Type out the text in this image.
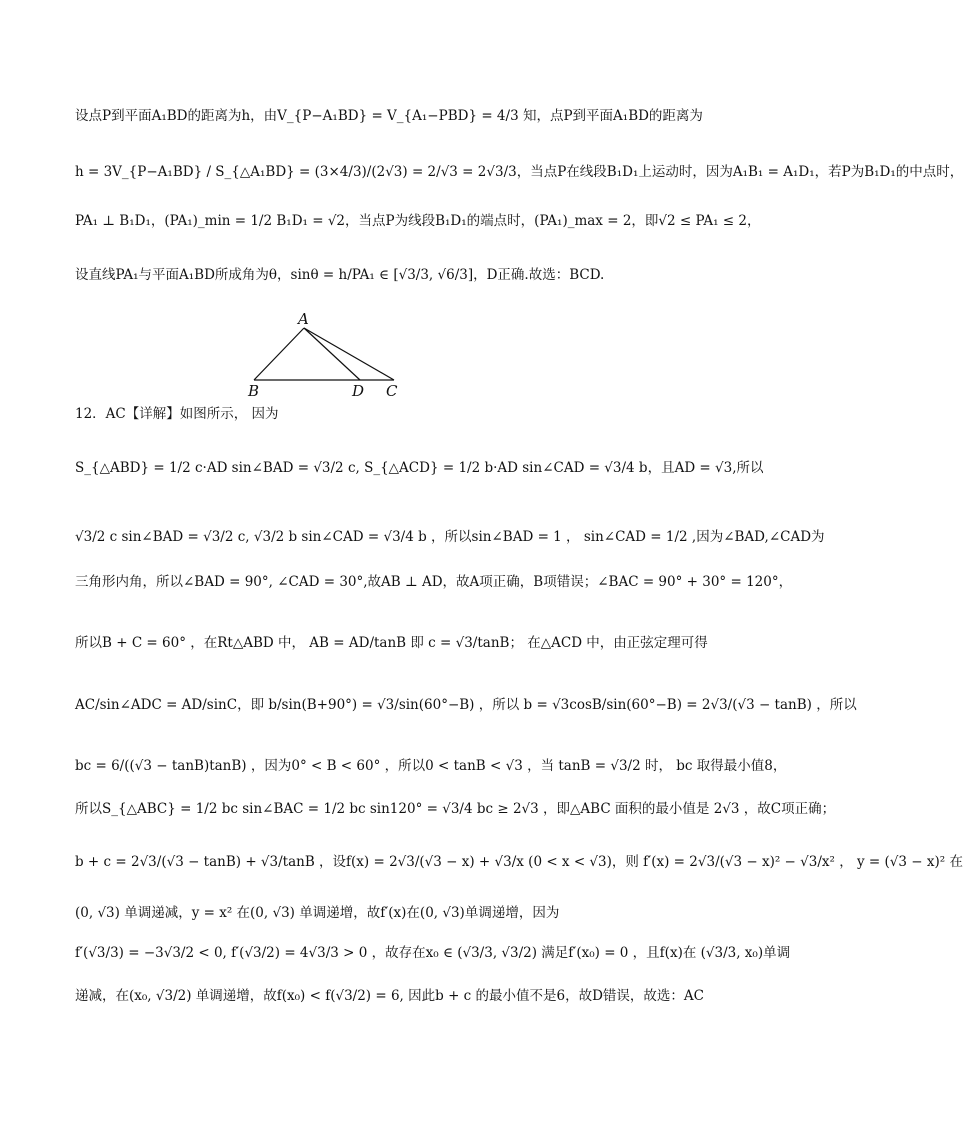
设点P到平面A₁BD的距离为h，由V_{P−A₁BD} = V_{A₁−PBD} = 4/3 知，点P到平面A₁BD的距离为
h = 3V_{P−A₁BD} / S_{△A₁BD} = (3×4/3)/(2√3) = 2/√3 = 2√3/3，当点P在线段B₁D₁上运动时，因为A₁B₁ = A₁D₁，若P为B₁D₁的中点时，
PA₁ ⊥ B₁D₁，(PA₁)_min = 1/2 B₁D₁ = √2，当点P为线段B₁D₁的端点时，(PA₁)_max = 2，即√2 ≤ PA₁ ≤ 2，
设直线PA₁与平面A₁BD所成角为θ，sinθ = h/PA₁ ∈ [√3/3, √6/3]，D正确.故选：BCD.
A
B	D C
12．AC【详解】如图所示， 因为
S_{△ABD} = 1/2 c·AD sin∠BAD = √3/2 c, S_{△ACD} = 1/2 b·AD sin∠CAD = √3/4 b，且AD = √3,所以
√3/2 c sin∠BAD = √3/2 c, √3/2 b sin∠CAD = √3/4 b ，所以sin∠BAD = 1 ， sin∠CAD = 1/2 ,因为∠BAD,∠CAD为
三角形内角，所以∠BAD = 90°, ∠CAD = 30°,故AB ⊥ AD，故A项正确，B项错误；∠BAC = 90° + 30° = 120°，
所以B + C = 60° ，在Rt△ABD 中， AB = AD/tanB 即 c = √3/tanB； 在△ACD 中，由正弦定理可得
AC/sin∠ADC = AD/sinC，即 b/sin(B+90°) = √3/sin(60°−B) ，所以 b = √3cosB/sin(60°−B) = 2√3/(√3 − tanB) ，所以
bc = 6/((√3 − tanB)tanB) ，因为0° < B < 60° ，所以0 < tanB < √3 ，当 tanB = √3/2 时， bc 取得最小值8，
所以S_{△ABC} = 1/2 bc sin∠BAC = 1/2 bc sin120° = √3/4 bc ≥ 2√3 ，即△ABC 面积的最小值是 2√3 ，故C项正确；
b + c = 2√3/(√3 − tanB) + √3/tanB ，设f(x) = 2√3/(√3 − x) + √3/x (0 < x < √3)，则 f′(x) = 2√3/(√3 − x)² − √3/x² ， y = (√3 − x)² 在
(0, √3) 单调递减，y = x² 在(0, √3) 单调递增，故f′(x)在(0, √3)单调递增，因为
f′(√3/3) = −3√3/2 < 0, f′(√3/2) = 4√3/3 > 0 ，故存在x₀ ∈ (√3/3, √3/2) 满足f′(x₀) = 0 ，且f(x)在 (√3/3, x₀)单调
递减，在(x₀, √3/2) 单调递增，故f(x₀) < f(√3/2) = 6, 因此b + c 的最小值不是6，故D错误，故选：AC
